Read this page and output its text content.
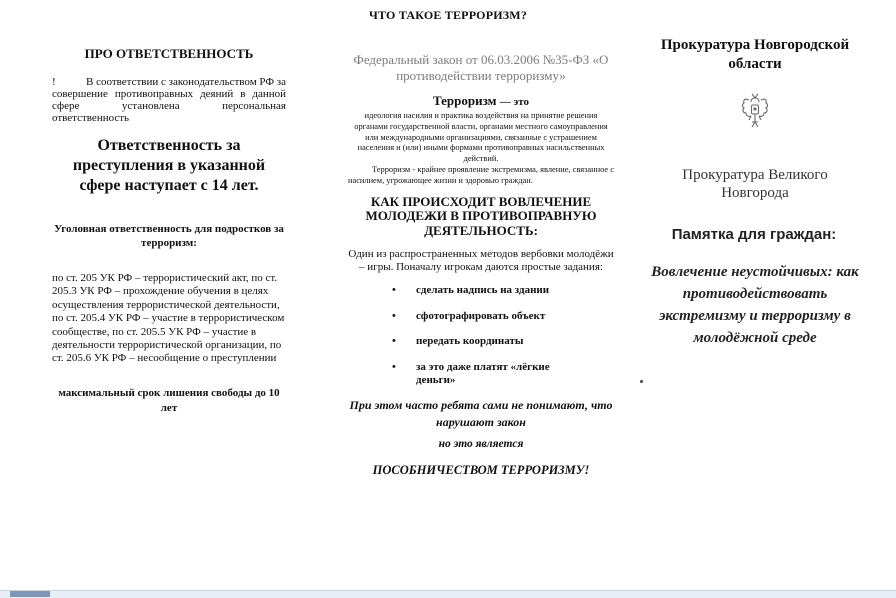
ЧТО ТАКОЕ ТЕРРОРИЗМ?

ПРО ОТВЕТСТВЕННОСТЬ

!	В соответствии с законодательством РФ за совершение противоправных деяний в данной сфере установлена персональная ответственность

Ответственность за преступления в указанной сфере наступает с 14 лет.
Уголовная ответственность для подростков за терроризм:
по ст. 205 УК РФ – террористический акт, по ст. 205.3 УК РФ – прохождение обучения в целях осуществления террористической деятельности, по ст. 205.4 УК РФ – участие в террористическом сообществе, по ст. 205.5 УК РФ – участие в деятельности террористической организации, по ст. 205.6 УК РФ – несообщение о преступлении
максимальный срок лишения свободы до 10 лет

Федеральный закон от 06.03.2006 №35-ФЗ «О противодействии терроризму»

Терроризм — это

идеология насилия и практика воздействия на принятие решения органами государственной власти, органами местного самоуправления или международными организациями, связанные с устрашением населения и (или) иными формами противоправных насильственных действий.

Терроризм - крайнее проявление экстремизма, явление, связанное с насилием, угрожающее жизни и здоровью граждан.

КАК ПРОИСХОДИТ ВОВЛЕЧЕНИЕ МОЛОДЕЖИ В ПРОТИВОПРАВНУЮ ДЕЯТЕЛЬНОСТЬ:
Один из распространенных методов вербовки молодёжи – игры. Поначалу игрокам даются простые задания:
•	сделать надпись на здании
•	сфотографировать объект
•	передать координаты
•	за это даже платят «лёгкие деньги»
При этом часто ребята сами не понимают, что нарушают закон
но это является
ПОСОБНИЧЕСТВОМ ТЕРРОРИЗМУ!

Прокуратура Новгородской области

Прокуратура Великого Новгорода
Памятка для граждан:
Вовлечение неустойчивых: как противодействовать экстремизму и терроризму в молодёжной среде
